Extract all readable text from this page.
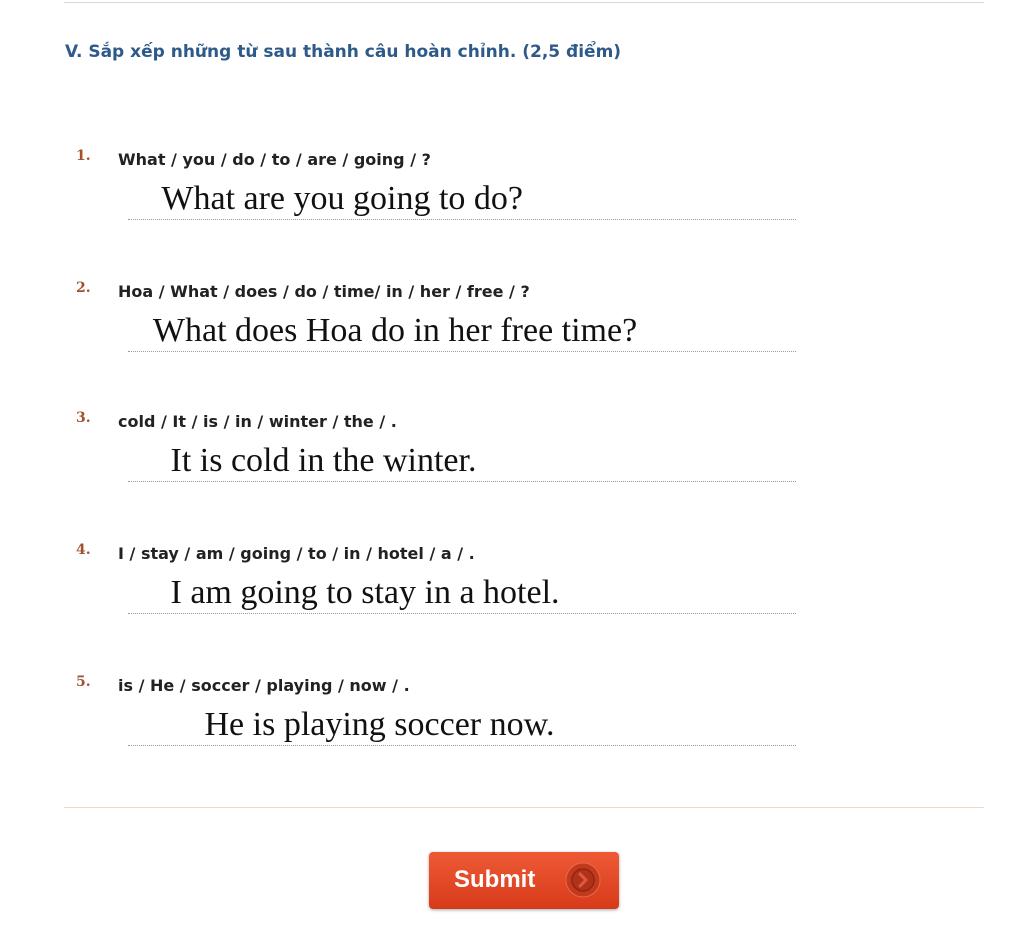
V. Sắp xếp những từ sau thành câu hoàn chỉnh. (2,5 điểm)
1. What / you / do / to / are / going / ?
What are you going to do?
2. Hoa / What / does / do / time/ in / her / free / ?
What does Hoa do in her free time?
3. cold / It / is / in / winter / the / .
It is cold in the winter.
4. I / stay / am / going / to / in / hotel / a / .
I am going to stay in a hotel.
5. is / He / soccer / playing / now / .
He is playing soccer now.
Submit
